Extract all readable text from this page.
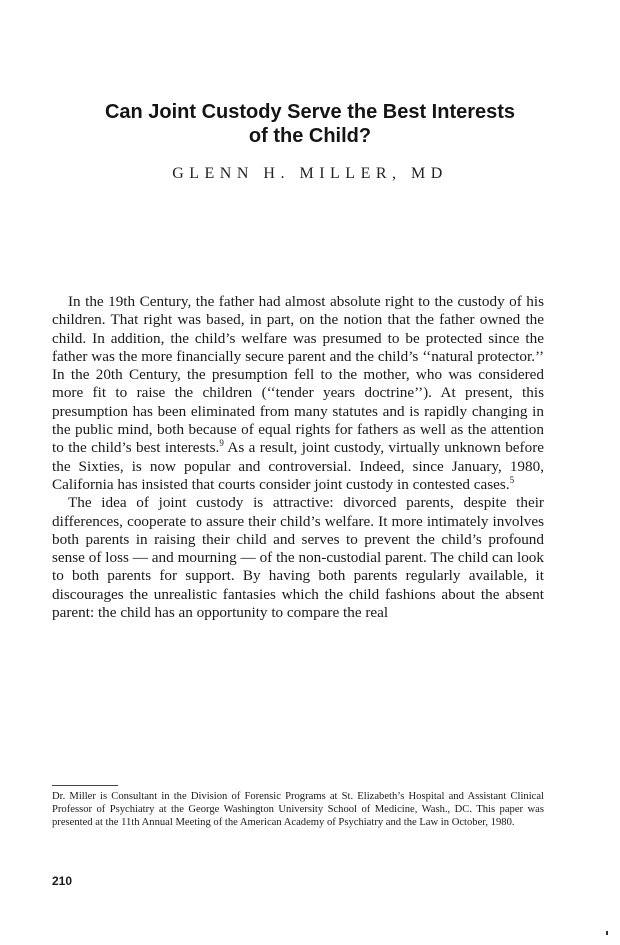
Can Joint Custody Serve the Best Interests
of the Child?
GLENN H. MILLER, MD

In the 19th Century, the father had almost absolute right to the custody of his children. That right was based, in part, on the notion that the father owned the child. In addition, the child’s welfare was presumed to be protected since the father was the more financially secure parent and the child’s ‘‘natural protector.’’ In the 20th Century, the presumption fell to the mother, who was considered more fit to raise the children (‘‘tender years doctrine’’). At present, this presumption has been eliminated from many statutes and is rapidly changing in the public mind, both because of equal rights for fathers as well as the attention to the child’s best interests.$^9$ As a result, joint custody, virtually unknown before the Sixties, is now popular and controversial. Indeed, since January, 1980, California has insisted that courts consider joint custody in contested cases.$^5$

The idea of joint custody is attractive: divorced parents, despite their differences, cooperate to assure their child’s welfare. It more intimately involves both parents in raising their child and serves to prevent the child’s profound sense of loss — and mourning — of the non-custodial parent. The child can look to both parents for support. By having both parents regularly available, it discourages the unrealistic fantasies which the child fashions about the absent parent: the child has an opportunity to compare the real

Dr. Miller is Consultant in the Division of Forensic Programs at St. Elizabeth’s Hospital and Assistant Clinical Professor of Psychiatry at the George Washington University School of Medicine, Wash., DC. This paper was presented at the 11th Annual Meeting of the American Academy of Psychiatry and the Law in October, 1980.
210
